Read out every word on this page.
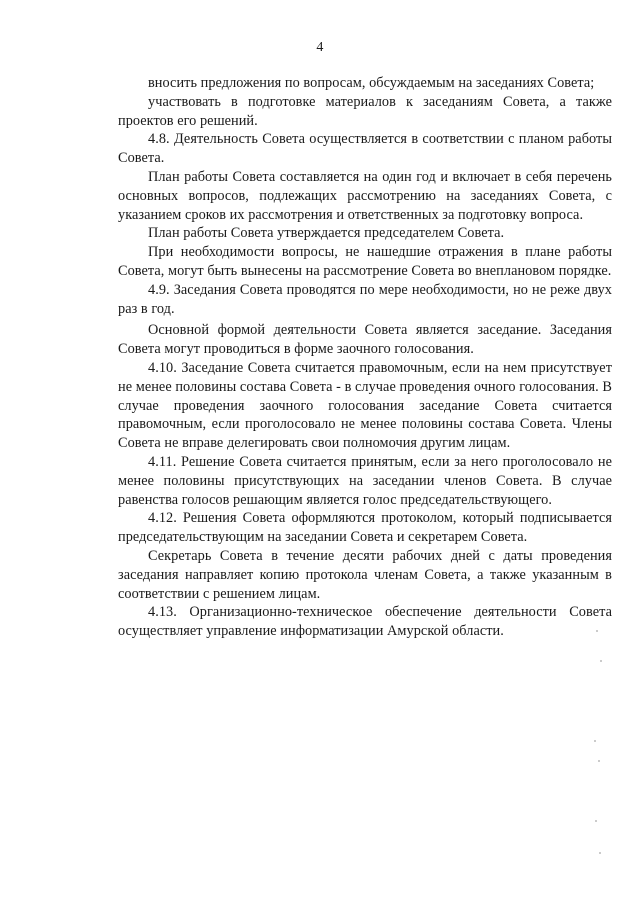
4

вносить предложения по вопросам, обсуждаемым на заседаниях Совета;

участвовать в подготовке материалов к заседаниям Совета, а также проектов его решений.

4.8. Деятельность Совета осуществляется в соответствии с планом работы Совета.

План работы Совета составляется на один год и включает в себя перечень основных вопросов, подлежащих рассмотрению на заседаниях Совета, с указанием сроков их рассмотрения и ответственных за подготовку вопроса.

План работы Совета утверждается председателем Совета.

При необходимости вопросы, не нашедшие отражения в плане работы Совета, могут быть вынесены на рассмотрение Совета во внеплановом порядке.

4.9. Заседания Совета проводятся по мере необходимости, но не реже двух раз в год.

Основной формой деятельности Совета является заседание. Заседания Совета могут проводиться в форме заочного голосования.

4.10. Заседание Совета считается правомочным, если на нем присутствует не менее половины состава Совета - в случае проведения очного голосования. В случае проведения заочного голосования заседание Совета считается правомочным, если проголосовало не менее половины состава Совета. Члены Совета не вправе делегировать свои полномочия другим лицам.

4.11. Решение Совета считается принятым, если за него проголосовало не менее половины присутствующих на заседании членов Совета. В случае равенства голосов решающим является голос председательствующего.

4.12. Решения Совета оформляются протоколом, который подписывается председательствующим на заседании Совета и секретарем Совета.

Секретарь Совета в течение десяти рабочих дней с даты проведения заседания направляет копию протокола членам Совета, а также указанным в соответствии с решением лицам.

4.13. Организационно-техническое обеспечение деятельности Совета осуществляет управление информатизации Амурской области.
